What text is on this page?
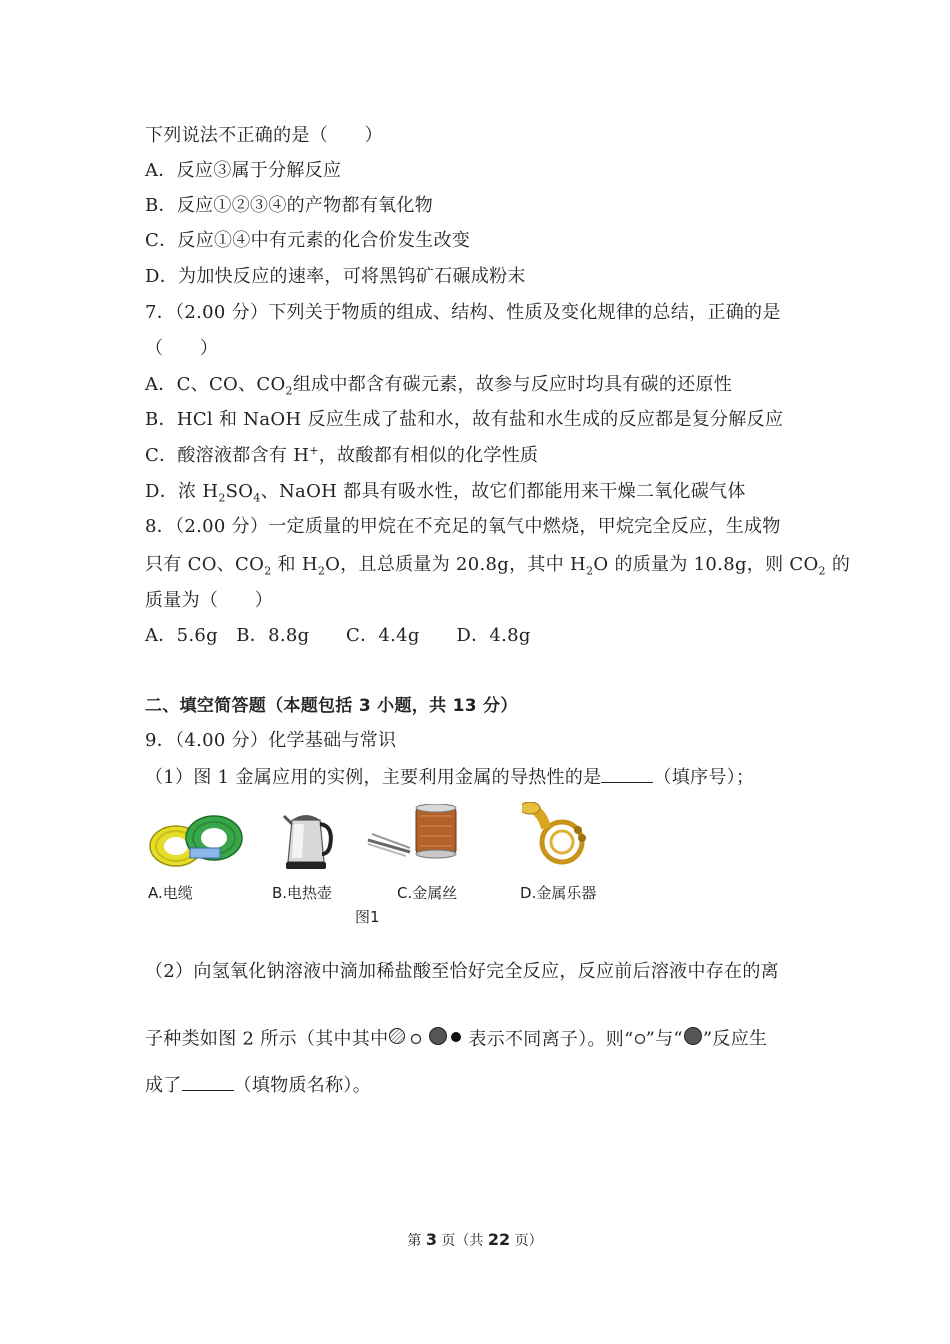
下列说法不正确的是（　　）
A．反应③属于分解反应
B．反应①②③④的产物都有氧化物
C．反应①④中有元素的化合价发生改变
D．为加快反应的速率，可将黑钨矿石碾成粉末
7．（2.00 分）下列关于物质的组成、结构、性质及变化规律的总结，正确的是
（　　）
A．C、CO、$CO_2$组成中都含有碳元素，故参与反应时均具有碳的还原性
B．HCl 和 NaOH 反应生成了盐和水，故有盐和水生成的反应都是复分解反应
C．酸溶液都含有 H+，故酸都有相似的化学性质
D．浓 $H_2SO_4$、NaOH 都具有吸水性，故它们都能用来干燥二氧化碳气体
8．（2.00 分）一定质量的甲烷在不充足的氧气中燃烧，甲烷完全反应，生成物
只有 CO、$CO_2$ 和 $H_2O$，且总质量为 20.8g，其中 $H_2O$ 的质量为 10.8g，则 $CO_2$ 的
质量为（　　）
A．5.6g　B．8.8g　　C．4.4g　　D．4.8g
二、填空简答题（本题包括 3 小题，共 13 分）
9．（4.00 分）化学基础与常识
（1）图 1 金属应用的实例，主要利用金属的导热性的是	（填序号）；
A.电缆	B.电热壶	C.金属丝	D.金属乐器
图1
（2）向氢氧化钠溶液中滴加稀盐酸至恰好完全反应，反应前后溶液中存在的离
子种类如图 2 所示（其中其中	表示不同离子）。则“ ”与“ ”反应生
成了	（填物质名称）。
第 3 页（共 22 页）
